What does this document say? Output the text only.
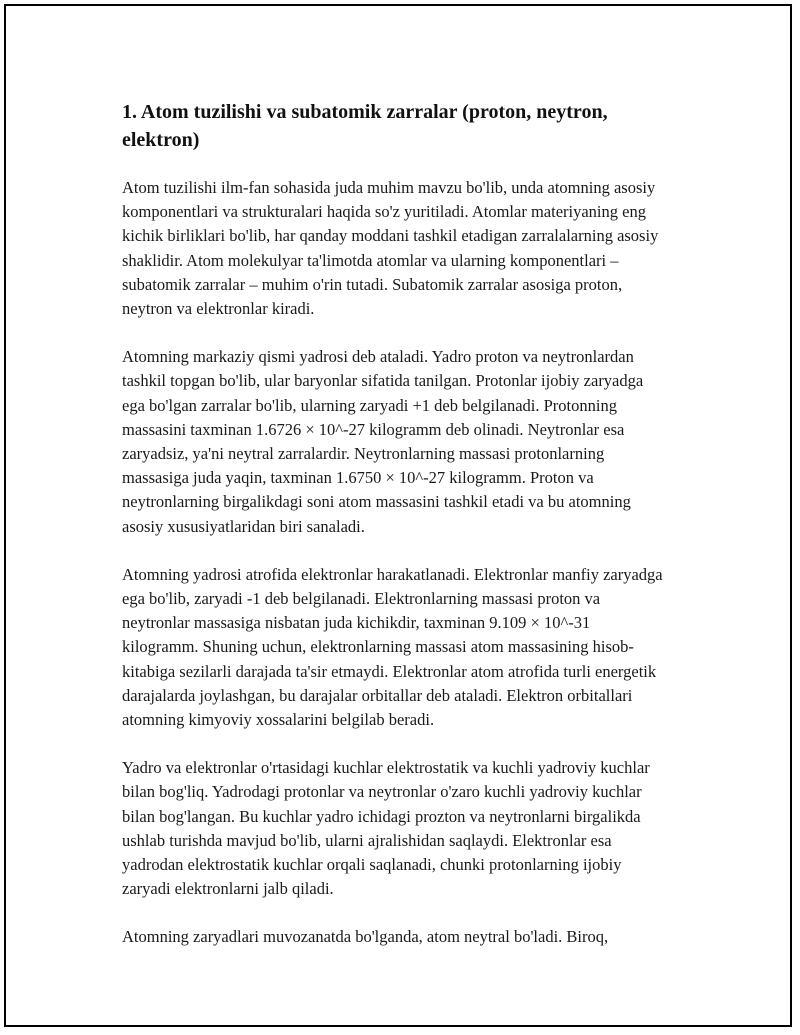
1. Atom tuzilishi va subatomik zarralar (proton, neytron, elektron)

Atom tuzilishi ilm-fan sohasida juda muhim mavzu bo'lib, unda atomning asosiy komponentlari va strukturalari haqida so'z yuritiladi. Atomlar materiyaning eng kichik birliklari bo'lib, har qanday moddani tashkil etadigan zarralalarning asosiy shaklidir. Atom molekulyar ta'limotda atomlar va ularning komponentlari – subatomik zarralar – muhim o'rin tutadi. Subatomik zarralar asosiga proton, neytron va elektronlar kiradi.

Atomning markaziy qismi yadrosi deb ataladi. Yadro proton va neytronlardan tashkil topgan bo'lib, ular baryonlar sifatida tanilgan. Protonlar ijobiy zaryadga ega bo'lgan zarralar bo'lib, ularning zaryadi +1 deb belgilanadi. Protonning massasini taxminan 1.6726 × 10^-27 kilogramm deb olinadi. Neytronlar esa zaryadsiz, ya'ni neytral zarralardir. Neytronlarning massasi protonlarning massasiga juda yaqin, taxminan 1.6750 × 10^-27 kilogramm. Proton va neytronlarning birgalikdagi soni atom massasini tashkil etadi va bu atomning asosiy xususiyatlaridan biri sanaladi.

Atomning yadrosi atrofida elektronlar harakatlanadi. Elektronlar manfiy zaryadga ega bo'lib, zaryadi -1 deb belgilanadi. Elektronlarning massasi proton va neytronlar massasiga nisbatan juda kichikdir, taxminan 9.109 × 10^-31 kilogramm. Shuning uchun, elektronlarning massasi atom massasining hisob-kitabiga sezilarli darajada ta'sir etmaydi. Elektronlar atom atrofida turli energetik darajalarda joylashgan, bu darajalar orbitallar deb ataladi. Elektron orbitallari atomning kimyoviy xossalarini belgilab beradi.

Yadro va elektronlar o'rtasidagi kuchlar elektrostatik va kuchli yadroviy kuchlar bilan bog'liq. Yadrodagi protonlar va neytronlar o'zaro kuchli yadroviy kuchlar bilan bog'langan. Bu kuchlar yadro ichidagi prozton va neytronlarni birgalikda ushlab turishda mavjud bo'lib, ularni ajralishidan saqlaydi. Elektronlar esa yadrodan elektrostatik kuchlar orqali saqlanadi, chunki protonlarning ijobiy zaryadi elektronlarni jalb qiladi.

Atomning zaryadlari muvozanatda bo'lganda, atom neytral bo'ladi. Biroq,
